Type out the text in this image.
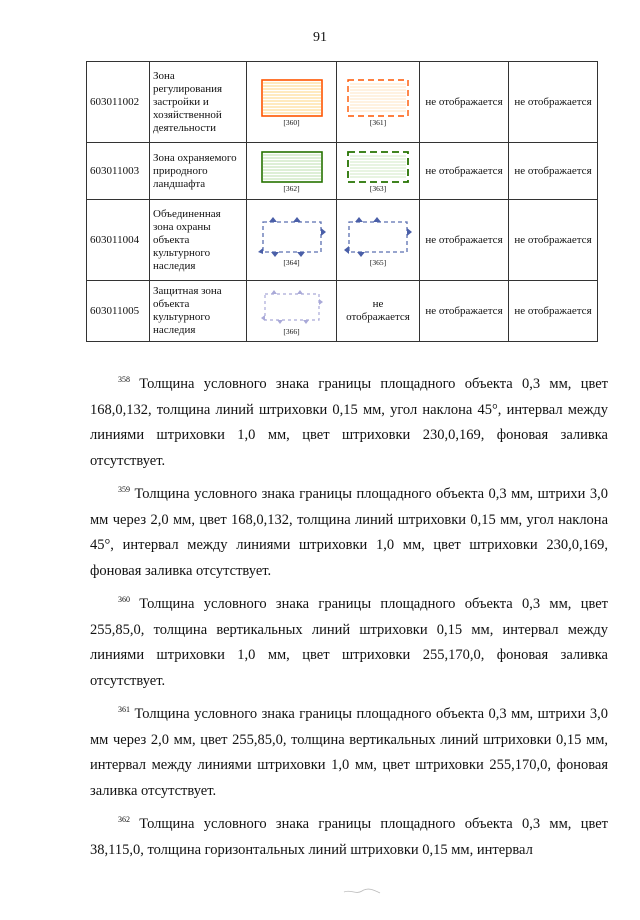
91
603011002	Зона регулирования застройки и хозяйственной деятельности	[360]	[361]	не отображается	не отображается
603011003	Зона охраняемого природного ландшафта	[362]	[363]	не отображается	не отображается
603011004	Объединенная зона охраны объекта культурного наследия	[364]	[365]	не отображается	не отображается
603011005	Защитная зона объекта культурного наследия	[366]	не отображается	не отображается	не отображается

$^{358}$ Толщина условного знака границы площадного объекта 0,3 мм, цвет 168,0,132, толщина линий штриховки 0,15 мм, угол наклона 45°, интервал между линиями штриховки 1,0 мм, цвет штриховки 230,0,169, фоновая заливка отсутствует.

$^{359}$ Толщина условного знака границы площадного объекта 0,3 мм, штрихи 3,0 мм через 2,0 мм, цвет 168,0,132, толщина линий штриховки 0,15 мм, угол наклона 45°, интервал между линиями штриховки 1,0 мм, цвет штриховки 230,0,169, фоновая заливка отсутствует.

$^{360}$ Толщина условного знака границы площадного объекта 0,3 мм, цвет 255,85,0, толщина вертикальных линий штриховки 0,15 мм, интервал между линиями штриховки 1,0 мм, цвет штриховки 255,170,0, фоновая заливка отсутствует.

$^{361}$ Толщина условного знака границы площадного объекта 0,3 мм, штрихи 3,0 мм через 2,0 мм, цвет 255,85,0, толщина вертикальных линий штриховки 0,15 мм, интервал между линиями штриховки 1,0 мм, цвет штриховки 255,170,0, фоновая заливка отсутствует.

$^{362}$ Толщина условного знака границы площадного объекта 0,3 мм, цвет 38,115,0, толщина горизонтальных линий штриховки 0,15 мм, интервал
